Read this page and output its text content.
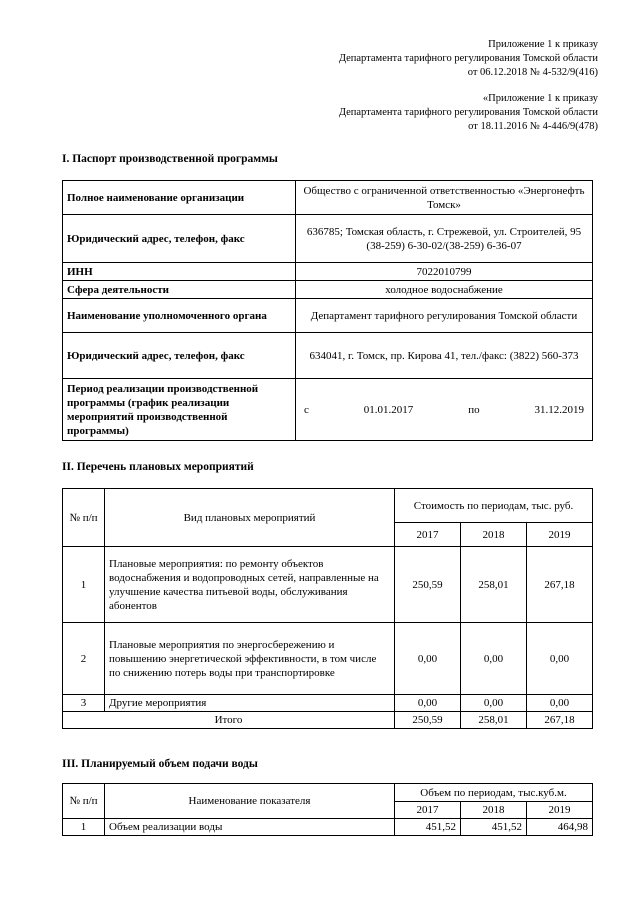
Приложение 1 к приказу
Департамента тарифного регулирования Томской области
от 06.12.2018 № 4-532/9(416)
«Приложение 1 к приказу
Департамента тарифного регулирования Томской области
от 18.11.2016 № 4-446/9(478)
I. Паспорт производственной программы
Полное наименование организации	Общество с ограниченной ответственностью «Энергонефть Томск»
Юридический адрес, телефон, факс	636785; Томская область, г. Стрежевой, ул. Строителей, 95 (38-259) 6-30-02/(38-259) 6-36-07
ИНН	7022010799
Сфера деятельности	холодное водоснабжение
Наименование уполномоченного органа	Департамент тарифного регулирования Томской области
Юридический адрес, телефон, факс	634041, г. Томск, пр. Кирова 41, тел./факс: (3822) 560-373
Период реализации производственной программы (график реализации мероприятий производственной программы)	с 01.01.2017 по 31.12.2019
II. Перечень плановых мероприятий
№ п/п	Вид плановых мероприятий	Стоимость по периодам, тыс. руб.		
		2017	2018	2019
1	Плановые мероприятия: по ремонту объектов водоснабжения и водопроводных сетей, направленные на улучшение качества питьевой воды, обслуживания абонентов	250,59	258,01	267,18
2	Плановые мероприятия по энергосбережению и повышению энергетической эффективности, в том числе по снижению потерь воды при транспортировке	0,00	0,00	0,00
3	Другие мероприятия	0,00	0,00	0,00
Итого		250,59	258,01	267,18
III. Планируемый объем подачи воды
№ п/п	Наименование показателя	Объем по периодам, тыс.куб.м.		
		2017	2018	2019
1	Объем реализации воды	451,52	451,52	464,98
